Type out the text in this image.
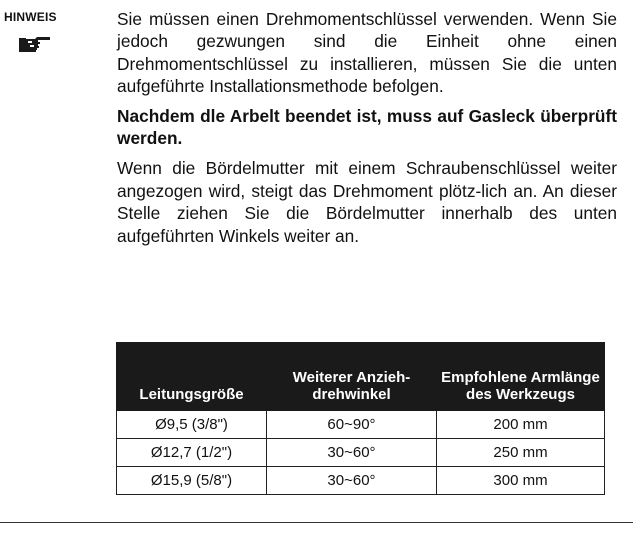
HINWEIS	Sie müssen einen Drehmomentschlüssel verwenden. Wenn Sie jedoch gezwungen sind die Einheit ohne einen Drehmomentschlüssel zu installieren, müssen Sie die unten aufgeführte Installationsmethode befolgen.

Nachdem dle Arbelt beendet ist, muss auf Gasleck überprüft werden.

Wenn die Bördelmutter mit einem Schraubenschlüssel weiter angezogen wird, steigt das Drehmoment plötz-lich an. An dieser Stelle ziehen Sie die Bördelmutter innerhalb des unten aufgeführten Winkels weiter an.

Leitungsgröße	Weiterer Anzieh-drehwinkel	Empfohlene Armlänge des Werkzeugs
Ø9,5 (3/8")	60~90°	200 mm
Ø12,7 (1/2")	30~60°	250 mm
Ø15,9 (5/8")	30~60°	300 mm
